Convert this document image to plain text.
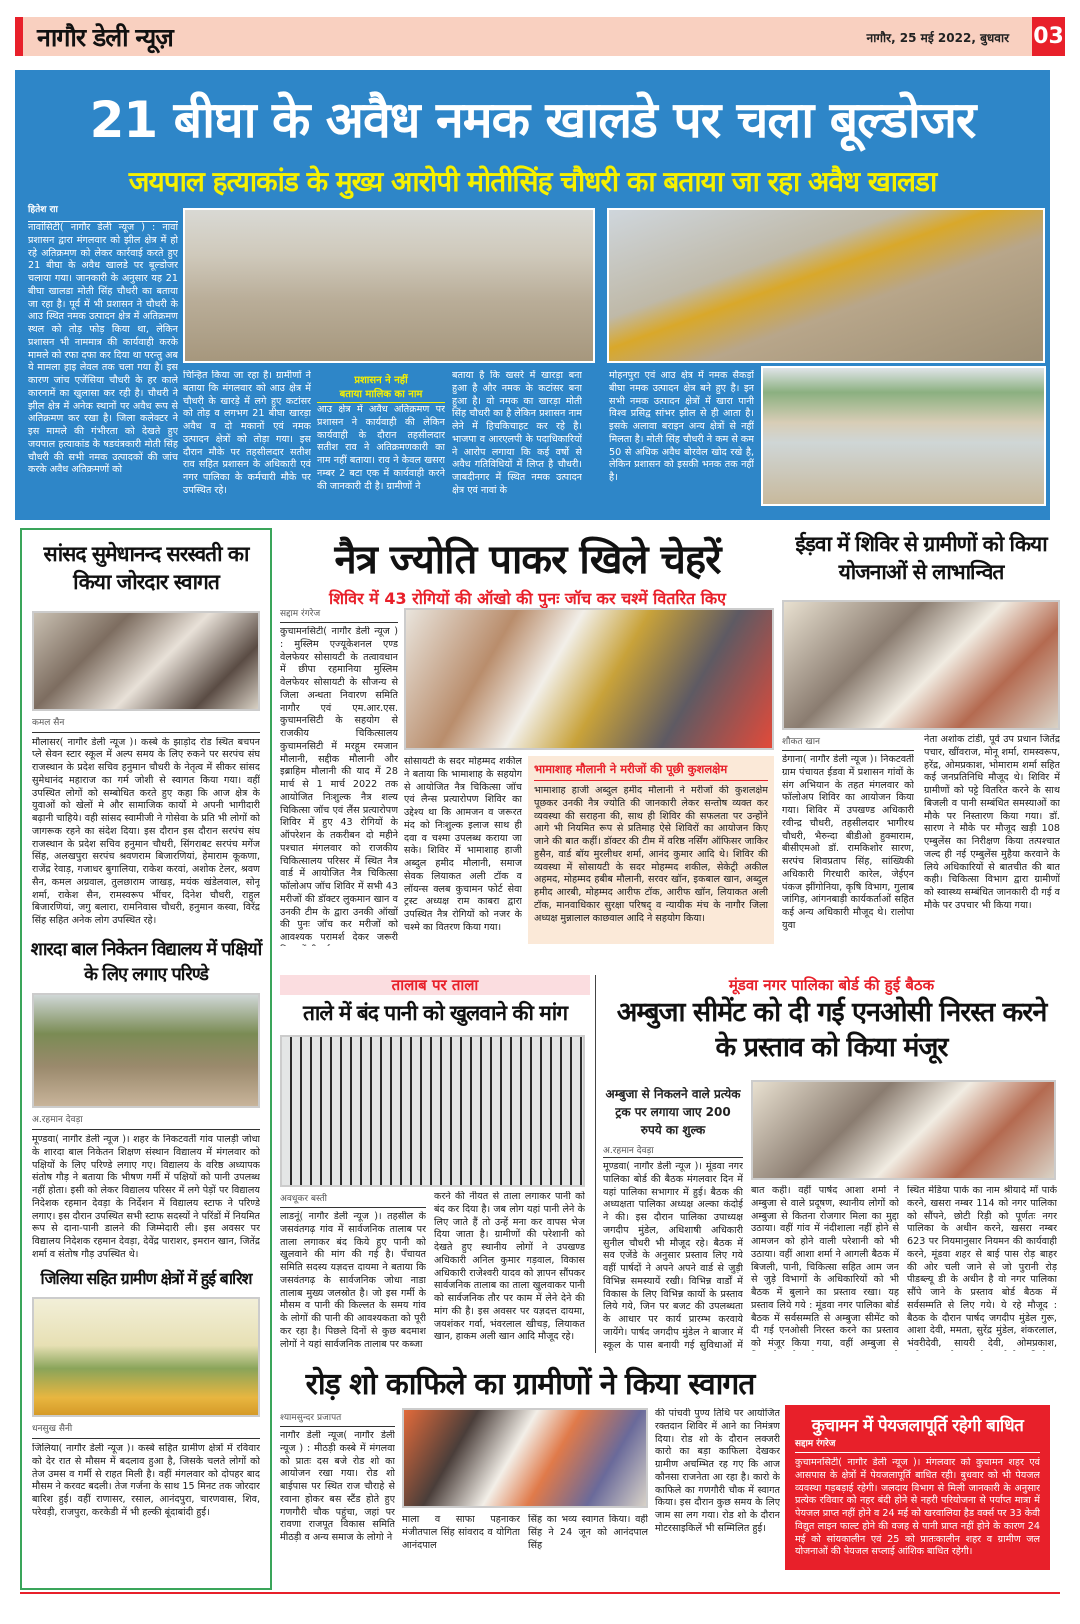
नागौर डेली न्यूज़	नागौर, 25 मई 2022, बुधवार 03
21 बीघा के अवैध नमक खालडे पर चला बूल्डोजर
जयपाल हत्याकांड के मुख्य आरोपी मोतीसिंह चौधरी का बताया जा रहा अवैध खालडा
हितेश राा
नावांसिटी( नागौर डेली न्यूज ) : नावां प्रशासन द्वारा मंगलवार को झील क्षेत्र में हो रहे अतिक्रमण को लेकर कार्रवाई करते हुए 21 बीघा के अवैध खालडे पर बूल्डोजर चलाया गया। जानकारी के अनुसार यह 21 बीघा खालडा मोती सिंह चौधरी का बताया जा रहा है। पूर्व में भी प्रशासन ने चौधरी के आउ स्थित नमक उत्पादन क्षेत्र में अतिक्रमण स्थल को तोड़ फोड़ किया था, लेकिन प्रशासन भी नाममात्र की कार्यवाही करके मामले को रफा दफा कर दिया था परन्तु अब ये मामला हाइ लेवल तक चला गया है। इस कारण जांच एजेंसिया चौधरी के हर काले कारनामें का खुलासा कर रही है। चौधरी ने झील क्षेत्र में अनेक स्थानों पर अवैध रूप से अतिक्रमण कर रखा है। जिला कलेक्टर ने इस मामले की गंभीरता को देखते हुए जयपाल हत्याकांड के षडयंत्रकारी मोती सिंह चौधरी की सभी नमक उत्पादकों की जांच करके अवैध अतिक्रमणों को
चिन्हित किया जा रहा है। ग्रामीणों ने बताया कि मंगलवार को आउ क्षेत्र में चौधरी के खारड़े में लगे हुए कटांसर को तोड़ व लगभग 21 बीघा खारड़ा अवैध व दो मकानों एवं नमक उत्पादन क्षेत्रों को तोड़ा गया। इस दौरान मौके पर तहसीलदार सतीश राव सहित प्रशासन के अधिकारी एवं नगर पालिका के कर्मचारी मौके पर उपस्थित रहे।
प्रशासन ने नहीं
बताया मालिक का नाम
आउ क्षेत्र में अवैध अतिक्रमण पर प्रशासन ने कार्यवाही की लेकिन कार्यवाही के दौरान तहसीलदार सतीश राव ने अतिक्रमणकारी का नाम नहीं बताया। राव ने केवल खसरा नम्बर 2 बटा एक में कार्यवाही करने की जानकारी दी है। ग्रामीणों ने
बताया है कि खसरे में खारड़ा बना हुआ है और नमक के कटांसर बना हुआ है। वो नमक का खारड़ा मोती सिंह चौधरी का है लेकिन प्रशासन नाम लेने में हिचकिचाहट कर रहे है। भाजपा व आरएलपी के पदाधिकारियों ने आरोप लगाया कि कई वर्षो से अवैध गतिविधियों में लिप्त है चौधरी। जाबदीनगर में स्थित नमक उत्पादन क्षेत्र एवं नावां के
मोहनपुरा एवं आउ क्षेत्र में नमक सैकड़ों बीघा नमक उत्पादन क्षेत्र बने हुए है। इन सभी नमक उत्पादन क्षेत्रों में खारा पानी विश्व प्रसिद्व सांभर झील से ही आता है। इसके अलावा बराइन अन्य क्षेत्रों से नहीं मिलता है। मोती सिंह चौधरी ने कम से कम 50 से अधिक अवैध बोरवेल खोद रखे है, लेकिन प्रशासन को इसकी भनक तक नहीं है।
सांसद सुमेधानन्द सरस्वती का किया जोरदार स्वागत
कमल सैन
मौलासर( नागौर डेली न्यूज )। कस्बे के झाड़ोद रोड स्थित बचपन प्ले सेवन स्टार स्कूल में अल्प समय के लिए रुकने पर सरपंच संघ राजस्थान के प्रदेश सचिव हनुमान चौधरी के नेतृत्व में सीकर सांसद सुमेधानंद महाराज का गर्म जोशी से स्वागत किया गया। वहीं उपस्थित लोगों को सम्बोधित करते हुए कहा कि आज क्षेत्र के युवाओं को खेलों मे और सामाजिक कार्यो मे अपनी भागीदारी बढ़ानी चाहिये। वही सांसद स्वामीजी ने गोसेवा के प्रति भी लोगों को जागरूक रहने का संदेश दिया। इस दौरान इस दौरान सरपंच संघ राजस्थान के प्रदेश सचिव हनुमान चौधरी, सिंगराबट सरपंच मगेंज सिंह, अलखपुरा सरपंच श्रवणराम बिजारणियां, हेमाराम कूकणा, राजेंद्र रेवाड़, गजाधर बुगालिया, राकेश करवां, अशोक टेलर, श्रवण सैन, कमल अग्रवाल, तुलछाराम जाखड़, मयंक खंडेलवाल, सोनू शर्मा, राकेश सैन, रामस्वरूप भींचर, दिनेश चौधरी, राहुल बिजारणियां, जगु बलारा, रामनिवास चौधरी, हनुमान कस्वा, विरेंद्र सिंह सहित अनेक लोग उपस्थित रहे।
शारदा बाल निकेतन विद्यालय में पक्षियों के लिए लगाए परिण्डे
अ.रहमान देवड़ा
मूण्डवा( नागौर डेली न्यूज )। शहर के निकटवर्ती गांव पालड़ी जोधा के शारदा बाल निकेतन शिक्षण संस्थान विद्यालय में मंगलवार को पक्षियों के लिए परिण्डे लगाए गए। विद्यालय के वरिष्ठ अध्यापक संतोष गौड़ ने बताया कि भीषण गर्मी में पक्षियों को पानी उपलब्ध नहीं होता। इसी को लेकर विद्यालय परिसर में लगे पेड़ों पर विद्यालय निदेशक रहमान देवड़ा के निर्देशन में विद्यालय स्टाफ ने परिण्डे लगाए। इस दौरान उपस्थित सभी स्टाफ सदस्यों ने परिंडों में नियमित रूप से दाना-पानी डालने की जिम्मेदारी ली। इस अवसर पर विद्यालय निदेशक रहमान देवड़ा, देवेंद्र पाराशर, इमरान खान, जितेंद्र शर्मा व संतोष गौड़ उपस्थित थे।
जिलिया सहित ग्रामीण क्षेत्रों में हुई बारिश
धनसुख सैनी
जिलिया( नागौर डेली न्यूज )। कस्बे सहित ग्रामीण क्षेत्रों में रविवार को देर रात से मौसम में बदलाव हुआ है, जिसके चलते लोगों को तेज उमस व गर्मी से राहत मिली है। वहीं मंगलवार को दोपहर बाद मौसम ने करवट बदली। तेज गर्जना के साथ 15 मिनट तक जोरदार बारिश हुई। वहीं राणासर, रसाल, आनंदपुरा, चारणवास, शिव, परेवड़ी, राजपुरा, करकेडी में भी हल्की बूंदाबांदी हुई।
नैत्र ज्योति पाकर खिले चेहरें
शिविर में 43 रोगियों की ऑखो की पुनः जॉच कर चश्में वितरित किए
सद्दाम रंगरेज
कुचामनसिटी( नागौर डेली न्यूज ) : मुस्लिम एज्यूकेशनल एण्ड वेलफेयर सोसायटी के तत्वावधान में छीपा रहमानिया मुस्लिम वेलफेयर सोसायटी के सौजन्य से जिला अन्धता निवारण समिति नागौर एवं एम.आर.एस. कुचामनसिटी के सहयोग से राजकीय चिकित्सालय कुचामनसिटी में मरहूम रमजान मौलानी, सद्दीक मौलानी और इब्राहिम मौलानी की याद में 28 मार्च से 1 मार्च 2022 तक आयोजित निःशुल्क नैत्र शल्य चिकित्सा जॉच एवं लैंस प्रत्यारोपण शिविर में हुए 43 रोगियों के ऑपरेशन के तकरीबन दो महीने पश्चात मंगलवार को राजकीय चिकित्सालय परिसर में स्थित नैत्र वार्ड में आयोजित नैत्र चिकित्सा फॉलोअप जॉच शिविर में सभी 43 मरीजों की डॉक्टर लुकमान खान व उनकी टीम के द्वारा उनकी ऑखों की पुनः जॉच कर मरीजों को आवश्यक परामर्श देकर जरूरी
सोसायटी के सदर मोहम्मद शकील ने बताया कि भामाशाह के सहयोग से आयोजित नैत्र चिकित्सा जॉच एवं लैन्स प्रत्यारोपण शिविर का उद्देश्य था कि आमजन व जरूरत मंद को निःशुल्क इलाज साथ ही दवा व चश्मा उपलब्ध कराया जा सके। शिविर में भामाशाह हाजी अब्दुल हमीद मौलानी, समाज सेवक लियाकत अली टॉक व लॉयन्स क्लब कुचामन फोर्ट सेवा ट्रस्ट अध्यक्ष राम काबरा द्वारा उपस्थित नैत्र रोगियों को नजर के चश्मे का वितरण किया गया।
भामाशाह मौलानी ने मरीजों की पूछी कुशलक्षेम
भामाशाह हाजी अब्दुल हमीद मौलानी ने मरीजों की कुशलक्षेम पूछकर उनकी नैत्र ज्योति की जानकारी लेकर सन्तोष व्यक्त कर व्यवस्था की सराहना की, साथ ही शिविर की सफलता पर उन्होंने आगे भी नियमित रूप से प्रतिमाह ऐसे शिविरों का आयोजन किए जाने की बात कहीं। डॉक्टर की टीम में वरिष्ठ नर्सिंग ऑफिसर जाकिर हुसैन, वार्ड बॉय मुरलीधर शर्मा, आनंद कुमार आदि थे। शिविर की व्यवस्था में सोसायटी के सदर मोहम्मद शकील, सेकेट्री अकील अहमद, मोहम्मद हबीब मौलानी, सरवर खॉन, इकबाल खान, अब्दुल हमीद आरबी, मोहम्मद आरीफ टॉक, आरीफ खॉन, लियाकत अली टॉक, मानवाधिकार सुरक्षा परिषद् व न्यायीक मंच के नागौर जिला अध्यक्ष मुन्नालाल काछवाल आदि ने सहयोग किया।
ईड़वा में शिविर से ग्रामीणों को किया योजनाओं से लाभान्वित
शौकत खान
डेगाना( नागौर डेली न्यूज )। निकटवर्ती ग्राम पंचायत ईडवा में प्रशासन गांवों के संग अभियान के तहत मंगलवार को फॉलोअप शिविर का आयोजन किया गया। शिविर में उपखण्ड अधिकारी रवीन्द्र चौधरी, तहसीलदार भागीरथ चौधरी, भैरुन्दा बीडीओ हुक्माराम, बीसीएमओ डॉ. रामकिशोर सारण, सरपंच शिवप्रताप सिंह, सांख्यिकी अधिकारी गिरधारी कारेल, जेईएन पंकज झींगोनिया, कृषि विभाग, गुलाब जांगिड़, आंगनबाड़ी कार्यकर्ताओं सहित कई अन्य अधिकारी मौजूद थे। रालोपा युवा
नेता अशोक टांडी, पूर्व उप प्रधान जितेंद्र पचार, खींवराज, मोनू शर्मा, रामस्वरूप, हरेंद्र, ओमप्रकाश, भोमाराम शर्मा सहित कई जनप्रतिनिधि मौजूद थे। शिविर में ग्रामीणों को पट्टे वितरित करने के साथ बिजली व पानी सम्बंधित समस्याओं का मौके पर निस्तारण किया गया। डॉ. सारण ने मौके पर मौजूद खड़ी 108 एम्बुलेंस का निरीक्षण किया तत्पश्चात जल्द ही नई एम्बुलेंस मुहैया करवाने के लिये अधिकारियों से बातचीत की बात कही। चिकित्सा विभाग द्वारा ग्रामीणों को स्वास्थ्य सम्बंधित जानकारी दी गई व मौके पर उपचार भी किया गया।
तालाब पर ताला
ताले में बंद पानी को खुलवाने की मांग
अवधूकर बस्ती
लाडनूं( नागौर डेली न्यूज )। तहसील के जसवंतगढ़ गांव में सार्वजनिक तालाब पर ताला लगाकर बंद किये हुए पानी को खुलवाने की मांग की गई है। पँचायत समिति सदस्य यज्ञदत्त दायमा ने बताया कि जसवंतगढ़ के सार्वजनिक जोधा नाडा तालाब मुख्य जलस्रोत है। जो इस गर्मी के मौसम व पानी की किल्लत के समय गांव के लोगों की पानी की आवश्यकता को पूरी कर रहा है। पिछले दिनों से कुछ बदमाश लोगों ने यहां सार्वजनिक तालाब पर कब्जा
करने की नीयत से ताला लगाकर पानी को बंद कर दिया है। जब लोग यहां पानी लेने के लिए जाते हैं तो उन्हें मना कर वापस भेज दिया जाता है। ग्रामीणों की परेशानी को देखते हुए स्थानीय लोगों ने उपखण्ड अधिकारी अनिल कुमार गड़वाल, विकास अधिकारी राजेश्वरी यादव को ज्ञापन सौंपकर सार्वजनिक तालाब का ताला खुलवाकर पानी को सार्वजनिक तौर पर काम में लेने देने की मांग की है। इस अवसर पर यज्ञदत्त दायमा, जयशंकर गर्वा, भंवरलाल खीचड़, लियाकत खान, हाकम अली खान आदि मौजूद रहे।
मूंडवा नगर पालिका बोर्ड की हुई बैठक
अम्बुजा सीमेंट को दी गई एनओसी निरस्त करने के प्रस्ताव को किया मंजूर
अम्बुजा से निकलने वाले प्रत्येक ट्रक पर लगाया जाए 200 रुपये का शुल्क
अ.रहमान देवड़ा
मूण्डवा( नागौर डेली न्यूज )। मूंडवा नगर पालिका बोर्ड की बैठक मंगलवार दिन में यहां पालिका सभागार में हुई। बैठक की अध्यक्षता पालिका अध्यक्ष अल्का कंदोई ने की। इस दौरान पालिका उपाध्यक्ष जगदीप मुंडेल, अधिशाषी अधिकारी सुनील चौधरी भी मौजूद रहे। बैठक में सव एजेंडे के अनुसार प्रस्ताव लिए गये वहीं पार्षदों ने अपने अपने वार्ड से जुड़ी विभिन्न समस्यायें रखी। विभिन्न वार्डों में विकास के लिए विभिन्न कार्यो के प्रस्ताव लिये गये, जिन पर बजट की उपलब्धता के आधार पर कार्य प्रारम्भ करवाये जायेंगे। पार्षद जगदीप मुंडेल ने बाजार में स्कूल के पास बनायी गई सुविधाओं में
बात कही। वहीं पार्षद आशा शर्मा ने अम्बुजा से वाले प्रदूषण, स्थानीय लोगों को अम्बुजा से कितना रोजगार मिला का मुद्दा उठाया। वहीं गांव में नंदीशाला नहीं होने से आमजन को होने वाली परेशानी को भी उठाया। वहीं आशा शर्मा ने आगली बैठक में बिजली, पानी, चिकित्सा सहित आम जन से जुड़े विभागों के अधिकारियों को भी बैठक में बुलाने का प्रस्ताव रखा। यह प्रस्ताव लिये गये : मूंडवा नगर पालिका बोर्ड बैठक में सर्वसम्मति से अम्बुजा सीमेंट को दी गई एनओसी निरस्त करने का प्रस्ताव को मंजूर किया गया, वहीं अम्बुजा से
स्थित मेडिया पार्क का नाम श्रीयादे माँ पार्क करने, खसरा नम्बर 114 को नगर पालिका को सौंपने, छोटी रिड़ी को पूर्णतः नगर पालिका के अधीन करने, खसरा नम्बर 623 पर नियमानुसार नियमन की कार्यवाही करने, मूंडवा शहर से बाई पास रोड़ बाहर की ओर चली जाने से जो पुरानी रोड़ पीडब्ल्यू डी के अधीन है वो नगर पालिका सौंपे जाने के प्रस्ताव बोर्ड बैठक में सर्वसम्मति से लिए गये। ये रहे मौजूद : बैठक के दौरान पार्षद जगदीप मुंडेल गुरू, आशा देवी, ममता, सुरेंद्र मुंडेल, शंकरलाल, भंवरीदेवी, सायरी देवी, ओमप्रकाश,
रोड़ शो काफिले का ग्रामीणों ने किया स्वागत
श्यामसुन्दर प्रजापत
नागौर डेली न्यूज( नागौर डेली न्यूज ) : मीठड़ी कस्बे में मंगलवा को प्रातः दस बजे रोड शो का आयोजन रखा गया। रोड शो बाईपास पर स्थित राज चौराहे से रवाना होकर बस स्टैंड होते हुए गणगौरी चौक पहुंचा, जहां पर रावणा राजपूत विकास समिति मीठड़ी व अन्य समाज के लोगो ने
माला व साफा पहनाकर मंजीतपाल सिंह सांवराद व योगिता आनंदपाल
सिंह का भव्य स्वागत किया। वही सिंह ने 24 जून को आनंदपाल सिंह
की पांचवी पुण्य तिथि पर आयोजित रक्तदान शिविर में आने का निमंत्रण दिया। रोड शो के दौरान लक्जरी कारो का बड़ा काफिला देखकर ग्रामीण अचम्भित रह गए कि आज कौनसा राजनेता आ रहा है। कारो के काफिले का गणगौरी चौक में स्वागत किया। इस दौरान कुछ समय के लिए जाम सा लग गया। रोड शो के दौरान मोटरसाइकिलें भी सम्मिलित हुई।
कुचामन में पेयजलापूर्ति रहेगी बाधित
सद्दाम रंगरेज
कुचामनसिटी( नागौर डेली न्यूज )। मंगलवार को कुचामन शहर एवं आसपास के क्षेत्रों में पेयजलापूर्ति बाधित रही। बुधवार को भी पेयजल व्यवस्था गड़बड़ाई रहेगी। जलदाय विभाग से मिली जानकारी के अनुसार प्रत्येक रविवार को नहर बंदी होने से नहरी परियोजना से पर्याप्त मात्रा में पेयजल प्राप्त नहीं होने व 24 मई को खरवालिया हैड वर्क्स पर 33 केवी विद्युत लाइन फाल्ट होने की वजह से पानी प्राप्त नहीं होने के कारण 24 मई को सांयकालीन एवं 25 को प्रातःकालीन शहर व ग्रामीण जल योजनाओं की पेयजल सप्लाई आंशिक बाधित रहेगी।
